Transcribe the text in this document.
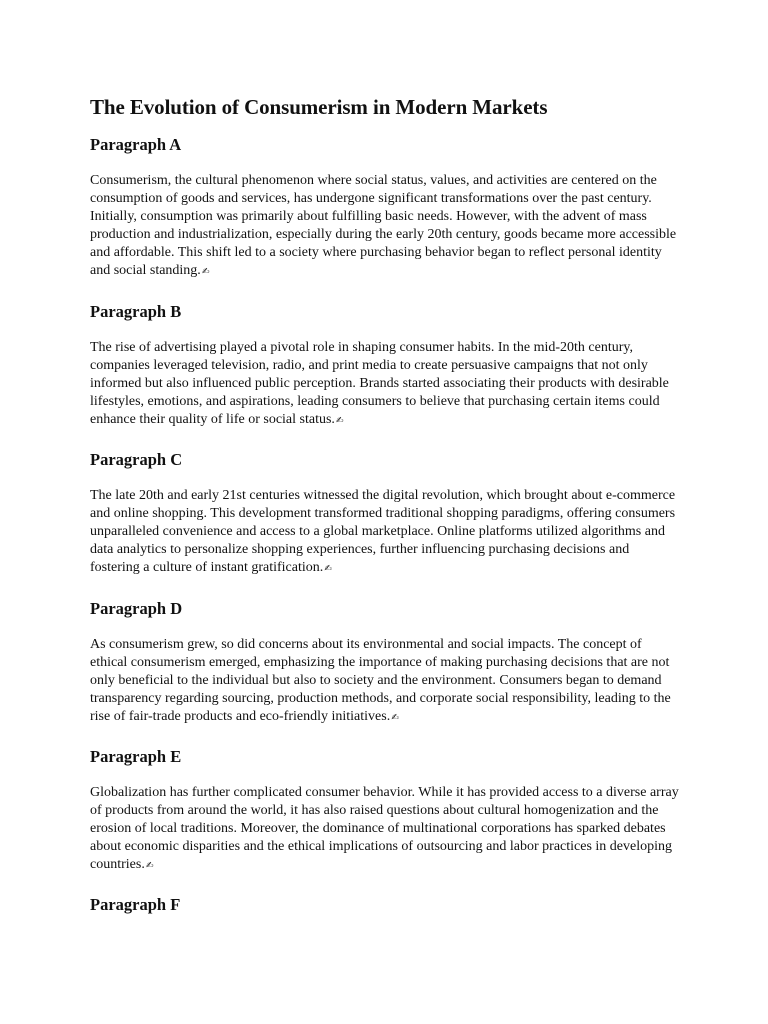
The Evolution of Consumerism in Modern Markets
Paragraph A

Consumerism, the cultural phenomenon where social status, values, and activities are centered on the consumption of goods and services, has undergone significant transformations over the past century. Initially, consumption was primarily about fulfilling basic needs. However, with the advent of mass production and industrialization, especially during the early 20th century, goods became more accessible and affordable. This shift led to a society where purchasing behavior began to reflect personal identity and social standing.✍

Paragraph B

The rise of advertising played a pivotal role in shaping consumer habits. In the mid-20th century, companies leveraged television, radio, and print media to create persuasive campaigns that not only informed but also influenced public perception. Brands started associating their products with desirable lifestyles, emotions, and aspirations, leading consumers to believe that purchasing certain items could enhance their quality of life or social status.✍

Paragraph C

The late 20th and early 21st centuries witnessed the digital revolution, which brought about e-commerce and online shopping. This development transformed traditional shopping paradigms, offering consumers unparalleled convenience and access to a global marketplace. Online platforms utilized algorithms and data analytics to personalize shopping experiences, further influencing purchasing decisions and fostering a culture of instant gratification.✍

Paragraph D

As consumerism grew, so did concerns about its environmental and social impacts. The concept of ethical consumerism emerged, emphasizing the importance of making purchasing decisions that are not only beneficial to the individual but also to society and the environment. Consumers began to demand transparency regarding sourcing, production methods, and corporate social responsibility, leading to the rise of fair-trade products and eco-friendly initiatives.✍

Paragraph E

Globalization has further complicated consumer behavior. While it has provided access to a diverse array of products from around the world, it has also raised questions about cultural homogenization and the erosion of local traditions. Moreover, the dominance of multinational corporations has sparked debates about economic disparities and the ethical implications of outsourcing and labor practices in developing countries.✍

Paragraph F
